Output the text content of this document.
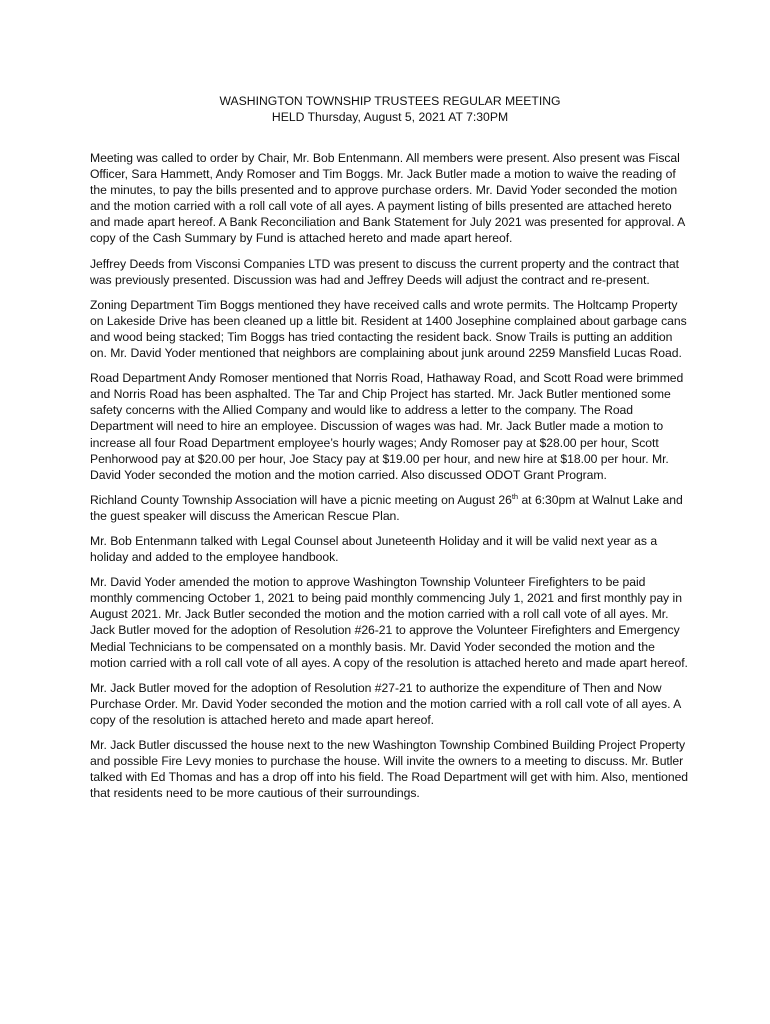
WASHINGTON TOWNSHIP TRUSTEES REGULAR MEETING
HELD Thursday, August 5, 2021 AT 7:30PM

Meeting was called to order by Chair, Mr. Bob Entenmann. All members were present. Also present was Fiscal Officer, Sara Hammett, Andy Romoser and Tim Boggs. Mr. Jack Butler made a motion to waive the reading of the minutes, to pay the bills presented and to approve purchase orders. Mr. David Yoder seconded the motion and the motion carried with a roll call vote of all ayes. A payment listing of bills presented are attached hereto and made apart hereof. A Bank Reconciliation and Bank Statement for July 2021 was presented for approval. A copy of the Cash Summary by Fund is attached hereto and made apart hereof.

Jeffrey Deeds from Visconsi Companies LTD was present to discuss the current property and the contract that was previously presented. Discussion was had and Jeffrey Deeds will adjust the contract and re-present.

Zoning Department Tim Boggs mentioned they have received calls and wrote permits. The Holtcamp Property on Lakeside Drive has been cleaned up a little bit. Resident at 1400 Josephine complained about garbage cans and wood being stacked; Tim Boggs has tried contacting the resident back. Snow Trails is putting an addition on. Mr. David Yoder mentioned that neighbors are complaining about junk around 2259 Mansfield Lucas Road.

Road Department Andy Romoser mentioned that Norris Road, Hathaway Road, and Scott Road were brimmed and Norris Road has been asphalted. The Tar and Chip Project has started. Mr. Jack Butler mentioned some safety concerns with the Allied Company and would like to address a letter to the company. The Road Department will need to hire an employee. Discussion of wages was had. Mr. Jack Butler made a motion to increase all four Road Department employee’s hourly wages; Andy Romoser pay at $28.00 per hour, Scott Penhorwood pay at $20.00 per hour, Joe Stacy pay at $19.00 per hour, and new hire at $18.00 per hour. Mr. David Yoder seconded the motion and the motion carried. Also discussed ODOT Grant Program.

Richland County Township Association will have a picnic meeting on August 26th at 6:30pm at Walnut Lake and the guest speaker will discuss the American Rescue Plan.

Mr. Bob Entenmann talked with Legal Counsel about Juneteenth Holiday and it will be valid next year as a holiday and added to the employee handbook.

Mr. David Yoder amended the motion to approve Washington Township Volunteer Firefighters to be paid monthly commencing October 1, 2021 to being paid monthly commencing July 1, 2021 and first monthly pay in August 2021. Mr. Jack Butler seconded the motion and the motion carried with a roll call vote of all ayes. Mr. Jack Butler moved for the adoption of Resolution #26-21 to approve the Volunteer Firefighters and Emergency Medial Technicians to be compensated on a monthly basis. Mr. David Yoder seconded the motion and the motion carried with a roll call vote of all ayes. A copy of the resolution is attached hereto and made apart hereof.

Mr. Jack Butler moved for the adoption of Resolution #27-21 to authorize the expenditure of Then and Now Purchase Order. Mr. David Yoder seconded the motion and the motion carried with a roll call vote of all ayes. A copy of the resolution is attached hereto and made apart hereof.

Mr. Jack Butler discussed the house next to the new Washington Township Combined Building Project Property and possible Fire Levy monies to purchase the house. Will invite the owners to a meeting to discuss. Mr. Butler talked with Ed Thomas and has a drop off into his field. The Road Department will get with him. Also, mentioned that residents need to be more cautious of their surroundings.
